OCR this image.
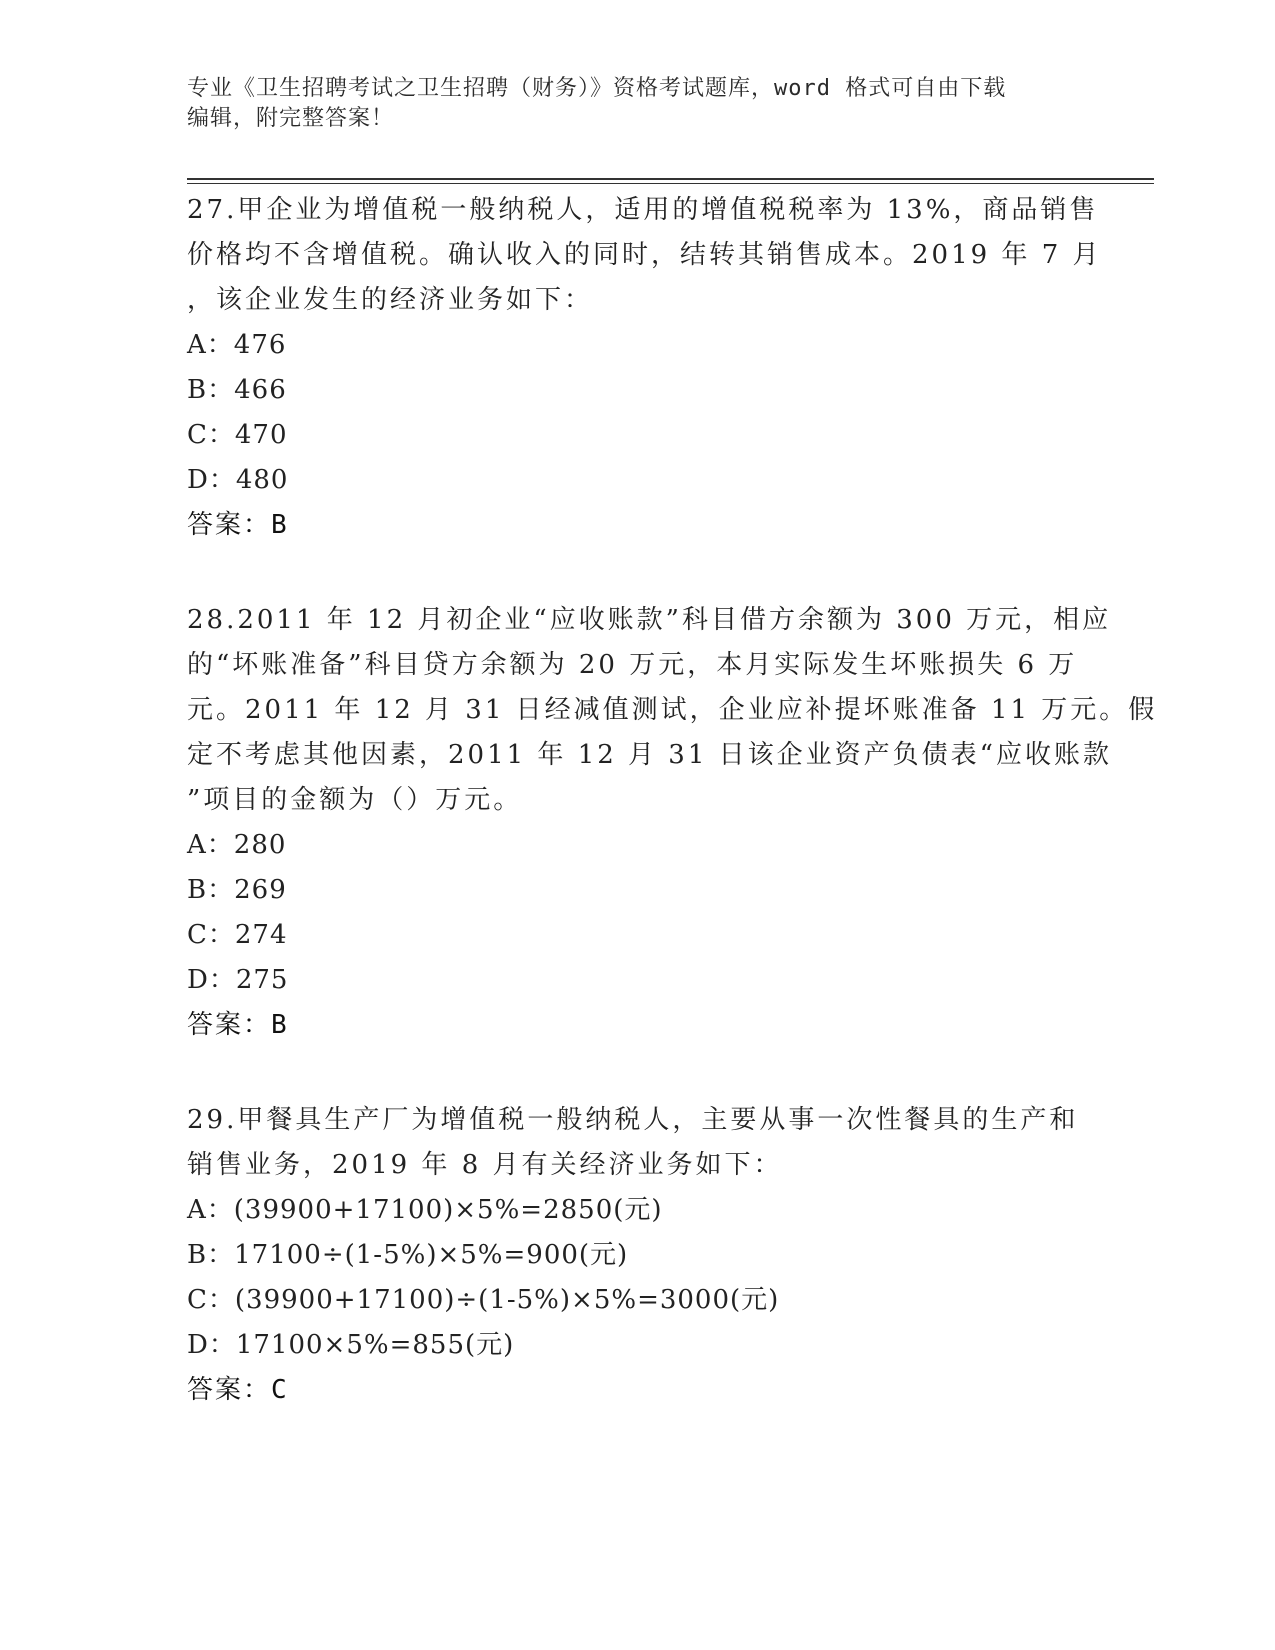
专业《卫生招聘考试之卫生招聘（财务）》资格考试题库，word 格式可自由下载
编辑，附完整答案！
27.甲企业为增值税一般纳税人，适用的增值税税率为 13%，商品销售
价格均不含增值税。确认收入的同时，结转其销售成本。2019 年 7 月
，该企业发生的经济业务如下：
A：476
B：466
C：470
D：480
答案：B
28.2011 年 12 月初企业“应收账款”科目借方余额为 300 万元，相应
的“坏账准备”科目贷方余额为 20 万元，本月实际发生坏账损失 6 万
元。2011 年 12 月 31 日经减值测试，企业应补提坏账准备 11 万元。假
定不考虑其他因素，2011 年 12 月 31 日该企业资产负债表“应收账款
”项目的金额为（）万元。
A：280
B：269
C：274
D：275
答案：B
29.甲餐具生产厂为增值税一般纳税人，主要从事一次性餐具的生产和
销售业务，2019 年 8 月有关经济业务如下：
A：(39900+17100)×5%=2850(元)
B：17100÷(1-5%)×5%=900(元)
C：(39900+17100)÷(1-5%)×5%=3000(元)
D：17100×5%=855(元)
答案：C
